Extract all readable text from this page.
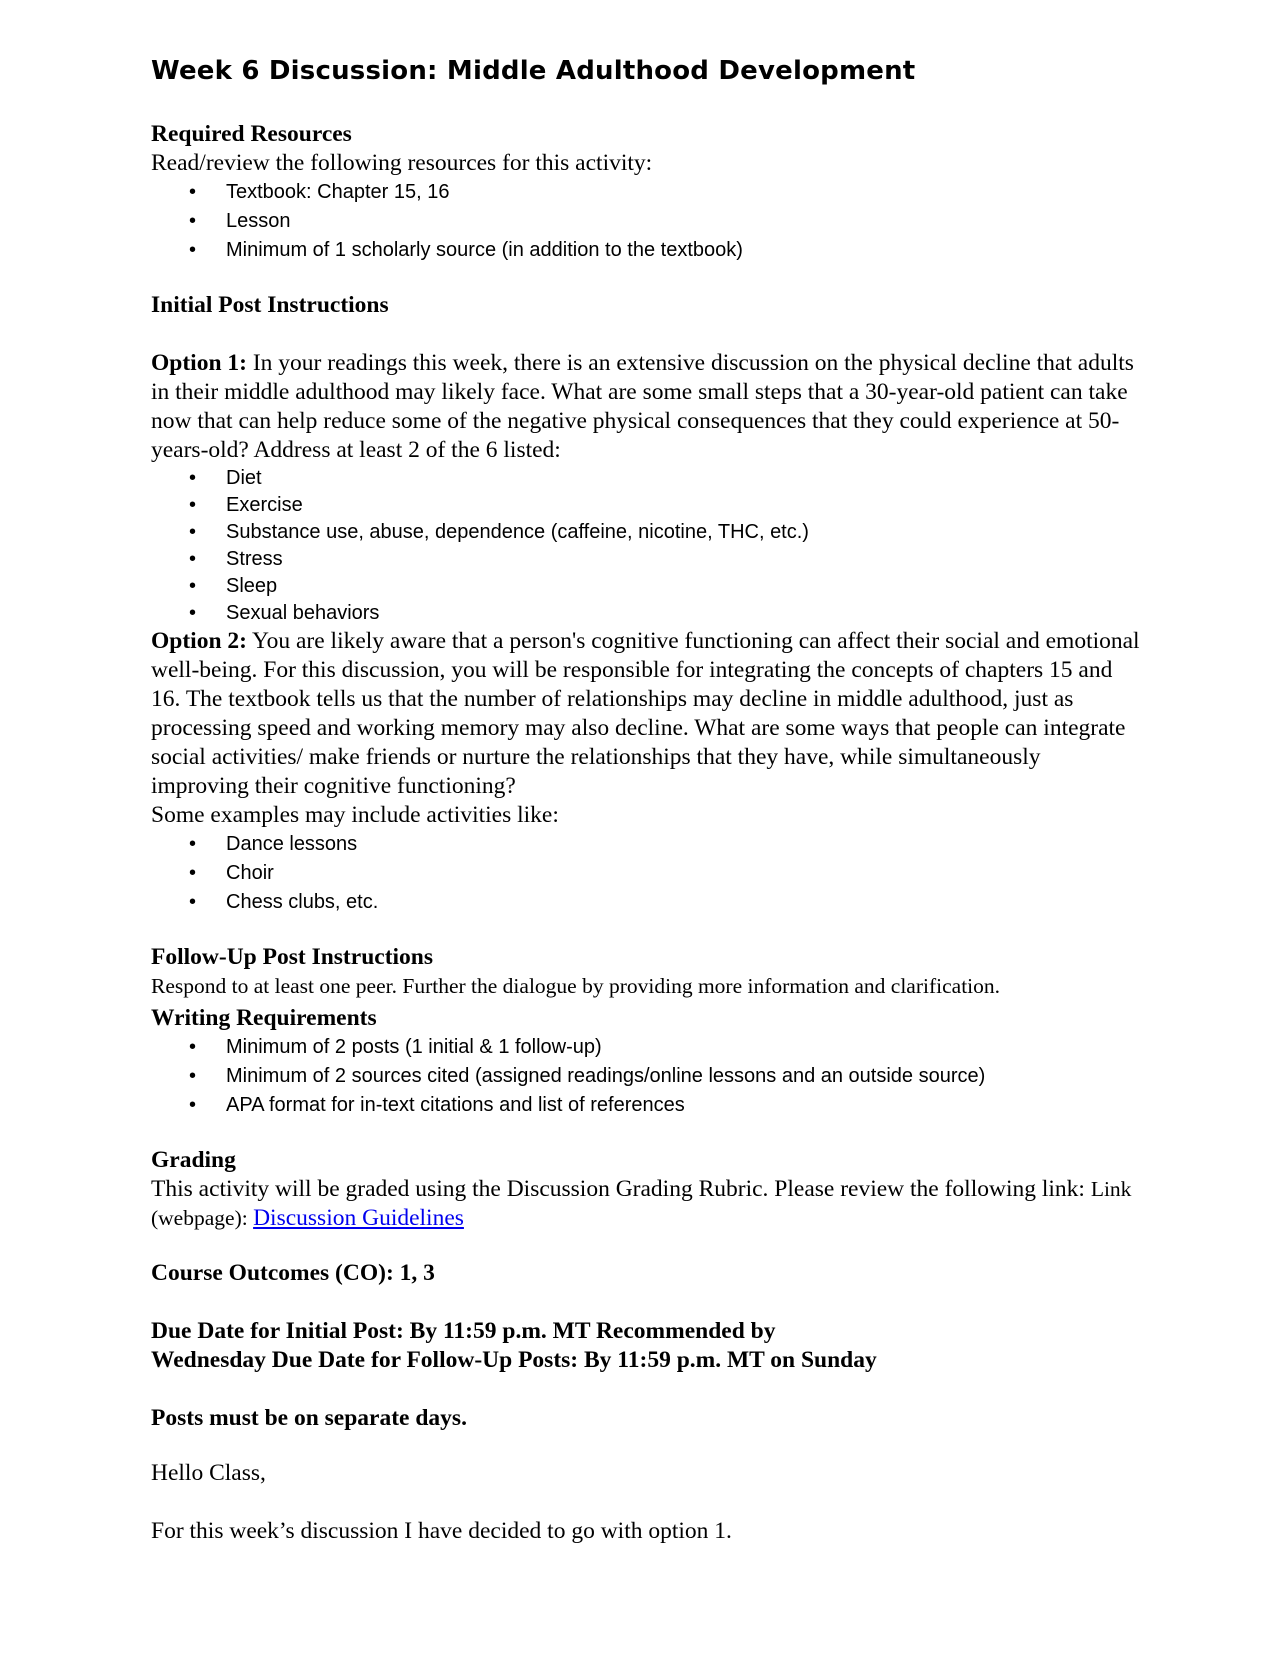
Week 6 Discussion: Middle Adulthood Development
Required Resources

Read/review the following resources for this activity:

• Textbook: Chapter 15, 16
• Lesson
• Minimum of 1 scholarly source (in addition to the textbook)
Initial Post Instructions

Option 1: In your readings this week, there is an extensive discussion on the physical decline that adults in their middle adulthood may likely face. What are some small steps that a 30-year-old patient can take now that can help reduce some of the negative physical consequences that they could experience at 50-years-old? Address at least 2 of the 6 listed:

• Diet
• Exercise
• Substance use, abuse, dependence (caffeine, nicotine, THC, etc.)
• Stress
• Sleep
• Sexual behaviors

Option 2: You are likely aware that a person's cognitive functioning can affect their social and emotional well-being. For this discussion, you will be responsible for integrating the concepts of chapters 15 and 16. The textbook tells us that the number of relationships may decline in middle adulthood, just as processing speed and working memory may also decline. What are some ways that people can integrate social activities/ make friends or nurture the relationships that they have, while simultaneously improving their cognitive functioning?

Some examples may include activities like:

• Dance lessons
• Choir
• Chess clubs, etc.
Follow-Up Post Instructions

Respond to at least one peer. Further the dialogue by providing more information and clarification.

Writing Requirements
• Minimum of 2 posts (1 initial & 1 follow-up)
• Minimum of 2 sources cited (assigned readings/online lessons and an outside source)
• APA format for in-text citations and list of references
Grading

This activity will be graded using the Discussion Grading Rubric. Please review the following link: Link (webpage): Discussion Guidelines

Course Outcomes (CO): 1, 3
Due Date for Initial Post: By 11:59 p.m. MT Recommended by
Wednesday Due Date for Follow-Up Posts: By 11:59 p.m. MT on Sunday
Posts must be on separate days.

Hello Class,

For this week’s discussion I have decided to go with option 1.
